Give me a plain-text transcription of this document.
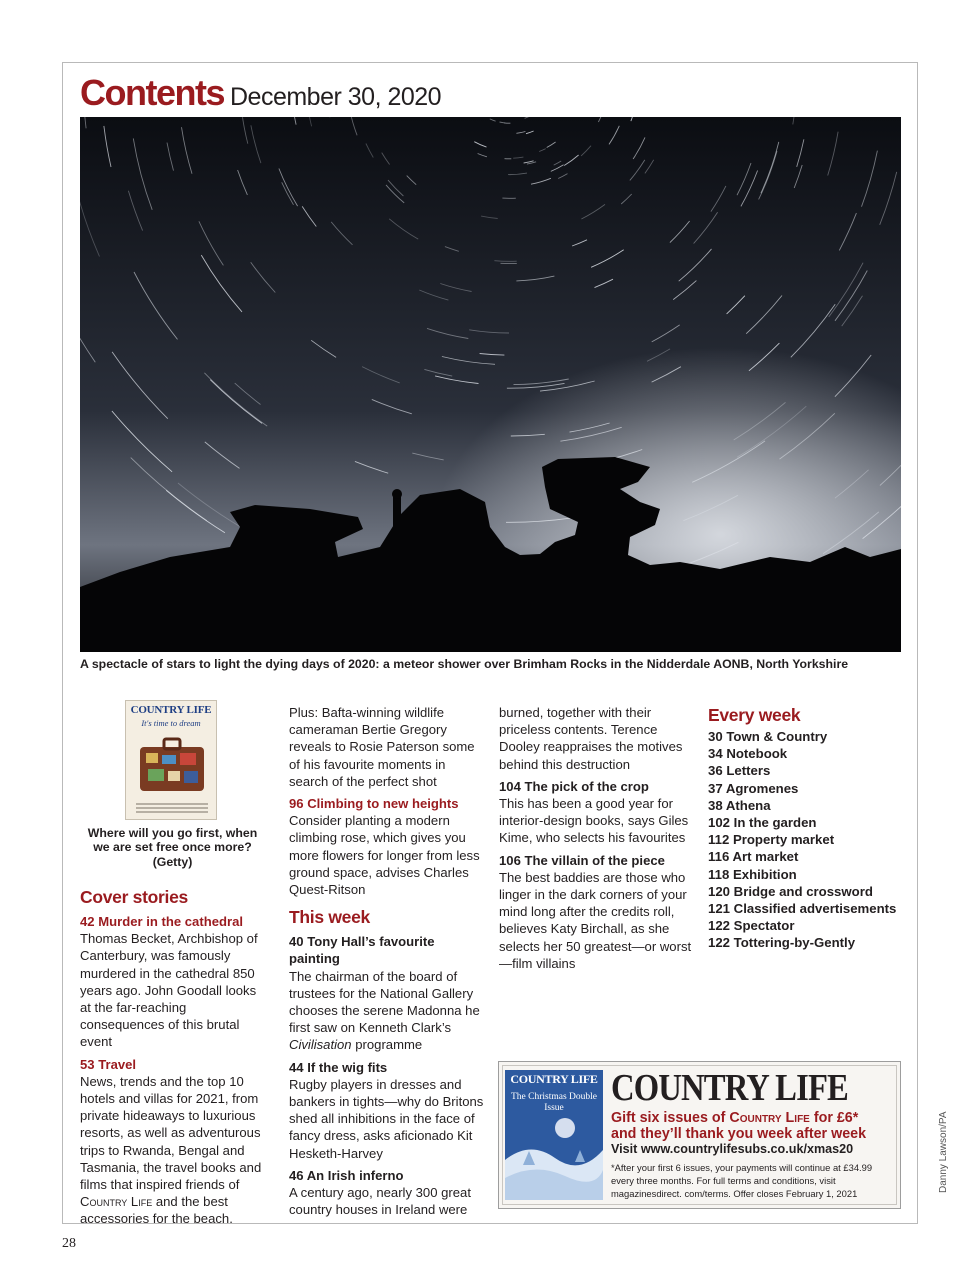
Contents December 30, 2020
A spectacle of stars to light the dying days of 2020: a meteor shower over Brimham Rocks in the Nidderdale AONB, North Yorkshire
COUNTRY LIFE
It's time to dream
Where will you go first, when we are set free once more? (Getty)

Cover stories

42 Murder in the cathedral

Thomas Becket, Archbishop of Canterbury, was famously murdered in the cathedral 850 years ago. John Goodall looks at the far-reaching consequences of this brutal event

53 Travel

News, trends and the top 10 hotels and villas for 2021, from private hideaways to luxurious resorts, as well as adventurous trips to Rwanda, Bengal and Tasmania, the travel books and films that inspired friends of Country Life and the best accessories for the beach.

Plus: Bafta-winning wildlife cameraman Bertie Gregory reveals to Rosie Paterson some of his favourite moments in search of the perfect shot

96 Climbing to new heights

Consider planting a modern climbing rose, which gives you more flowers for longer from less ground space, advises Charles Quest-Ritson

This week

40 Tony Hall’s favourite painting

The chairman of the board of trustees for the National Gallery chooses the serene Madonna he first saw on Kenneth Clark’s Civilisation programme

44 If the wig fits

Rugby players in dresses and bankers in tights—why do Britons shed all inhibitions in the face of fancy dress, asks aficionado Kit Hesketh-Harvey

46 An Irish inferno

A century ago, nearly 300 great country houses in Ireland were

burned, together with their priceless contents. Terence Dooley reappraises the motives behind this destruction

104 The pick of the crop

This has been a good year for interior-design books, says Giles Kime, who selects his favourites

106 The villain of the piece

The best baddies are those who linger in the dark corners of your mind long after the credits roll, believes Katy Birchall, as she selects her 50 greatest—or worst—film villains

Every week
30 Town & Country
34 Notebook
36 Letters
37 Agromenes
38 Athena
102 In the garden
112 Property market
116 Art market
118 Exhibition
120 Bridge and crossword
121 Classified advertisements
122 Spectator
122 Tottering-by-Gently
COUNTRY LIFE
The Christmas Double Issue	COUNTRY LIFE
Gift six issues of Country Life for £6*
and they’ll thank you week after week
Visit www.countrylifesubs.co.uk/xmas20
*After your first 6 issues, your payments will continue at £34.99 every three months. For full terms and conditions, visit magazinesdirect. com/terms. Offer closes February 1, 2021
Danny Lawson/PA
28
